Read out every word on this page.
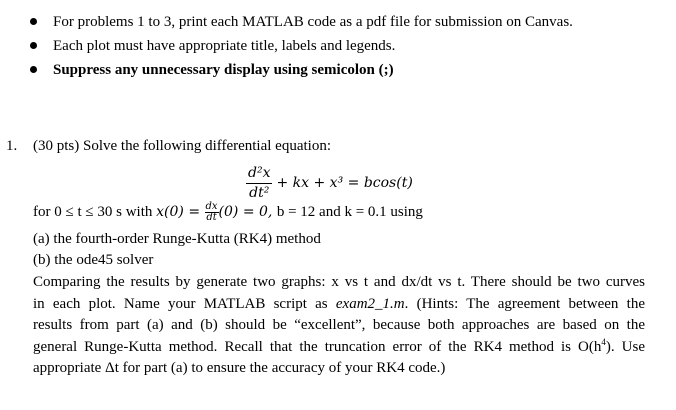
For problems 1 to 3, print each MATLAB code as a pdf file for submission on Canvas.
Each plot must have appropriate title, labels and legends.
Suppress any unnecessary display using semicolon (;)
1. (30 pts) Solve the following differential equation:
$\frac{\text{d²x}}{\text{dt²}}$ + kx + x³ = bcos(t)
for 0 ≤ t ≤ 30 s with $x(0) = \frac{dx}{dt} (0) = 0$, b = 12 and k = 0.1 using
(a) the fourth-order Runge-Kutta (RK4) method
(b) the ode45 solver
Comparing the results by generate two graphs: x vs t and dx/dt vs t. There should be two curves
in each plot. Name your MATLAB script as exam2_1.m. (Hints: The agreement between the
results from part (a) and (b) should be “excellent”, because both approaches are based on the
general Runge-Kutta method. Recall that the truncation error of the RK4 method is $O(h^4)$. Use
appropriate Δt for part (a) to ensure the accuracy of your RK4 code.)
